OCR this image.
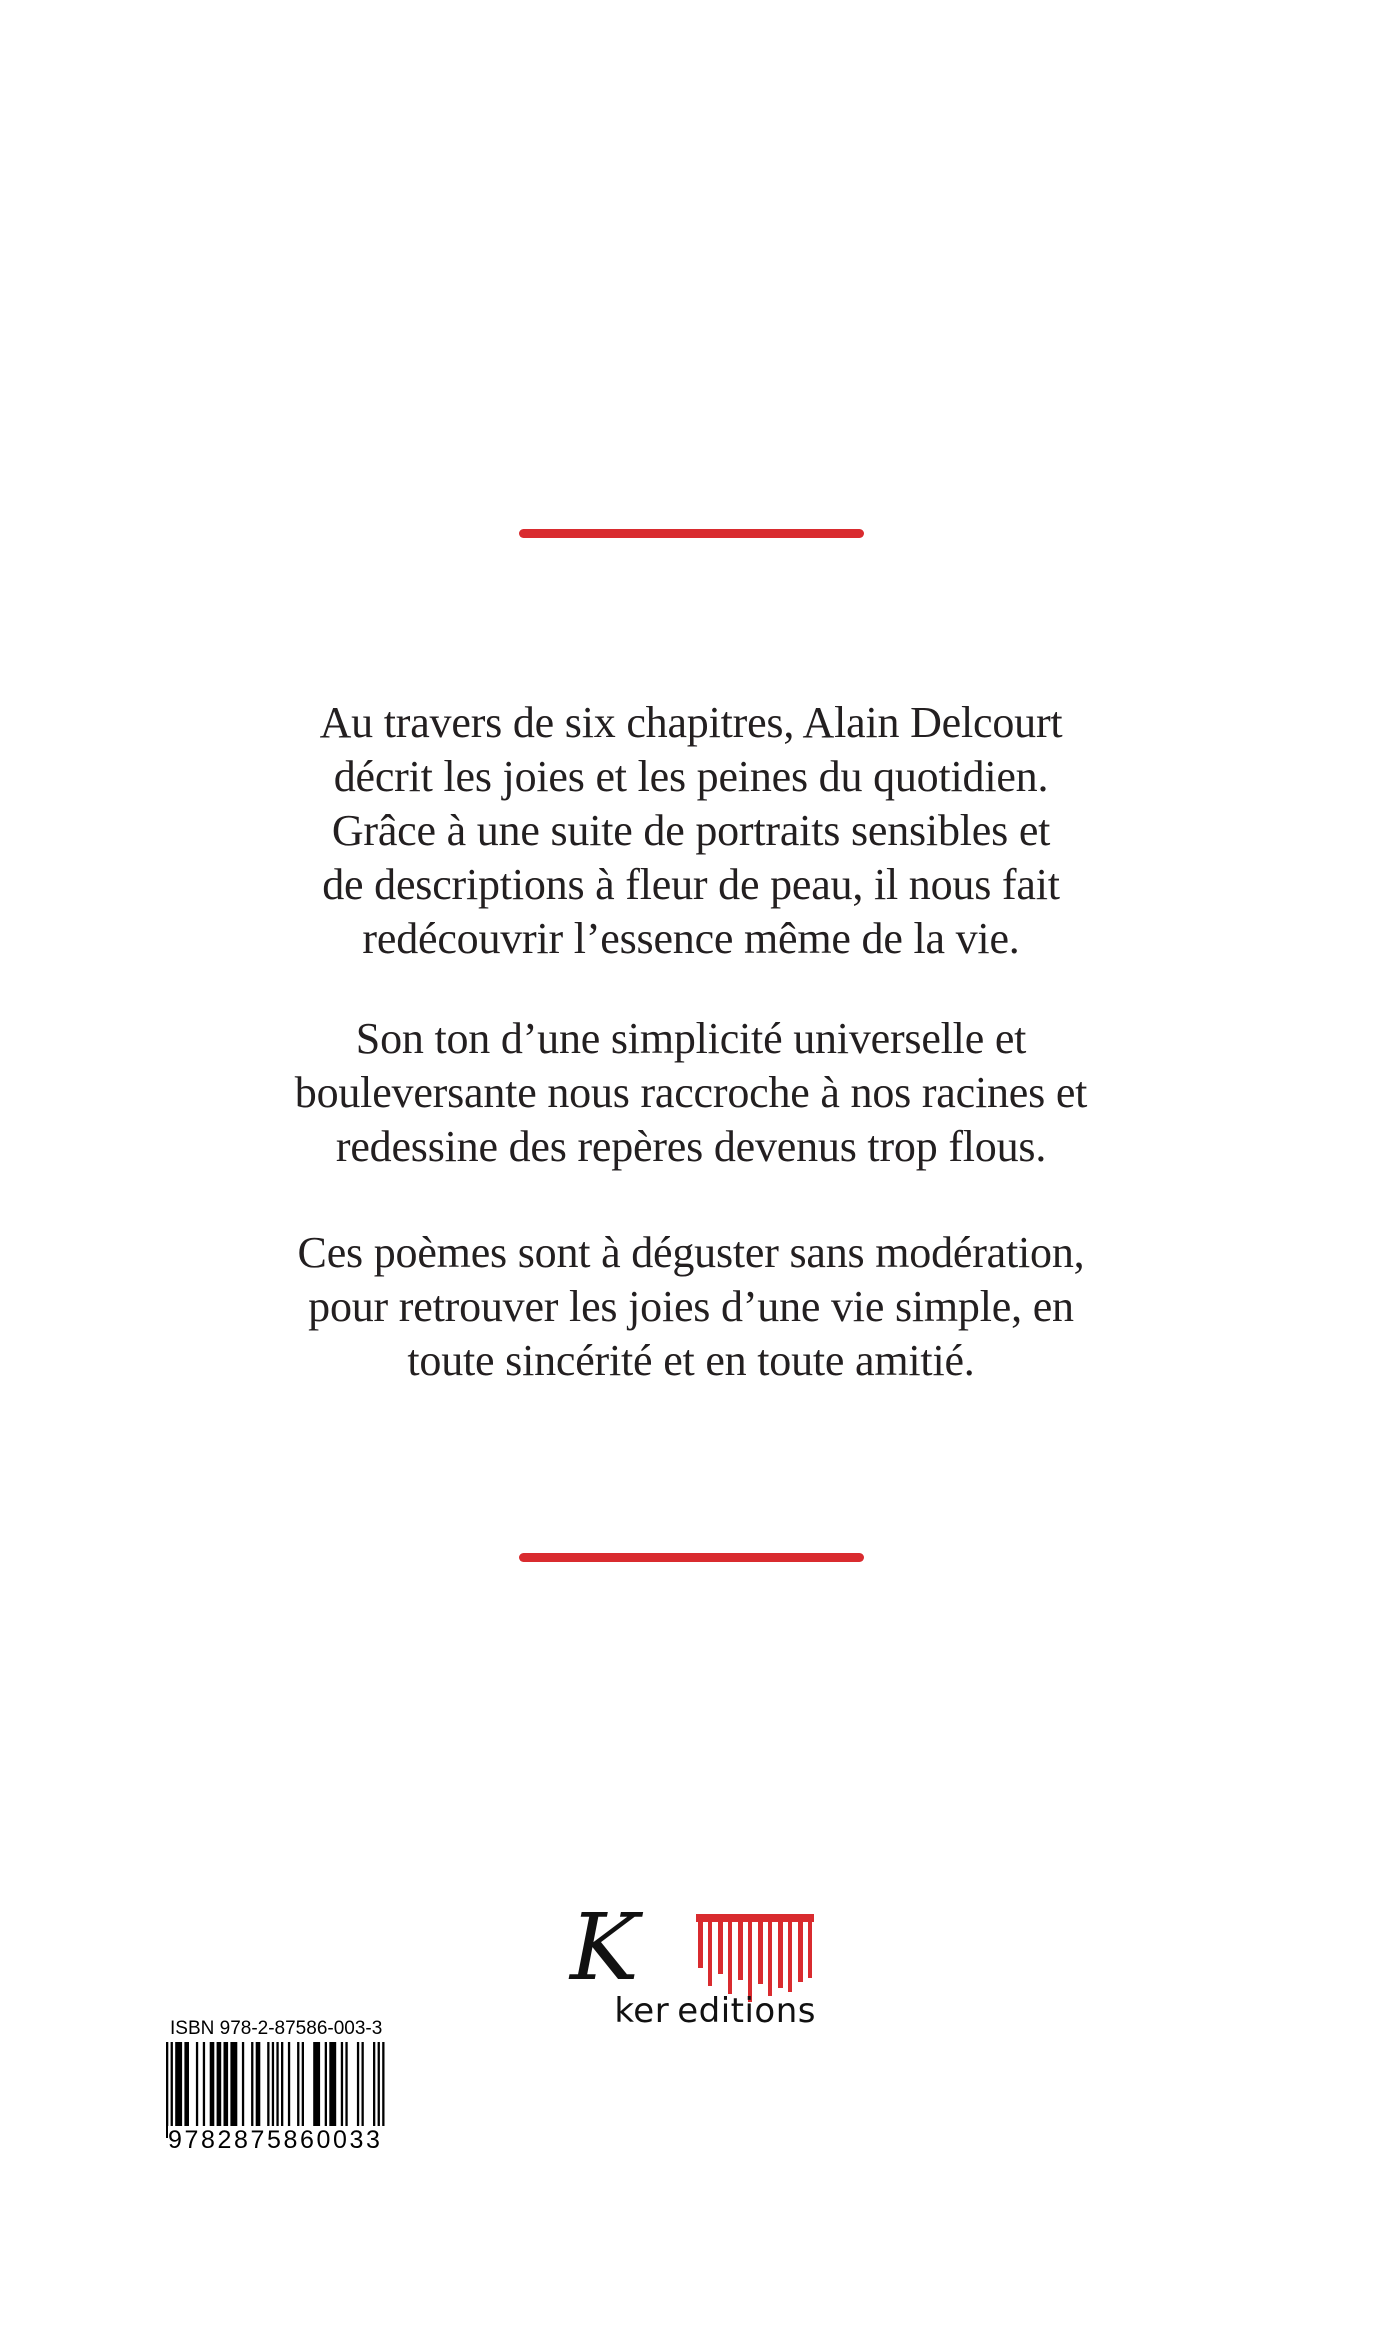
Au travers de six chapitres, Alain Delcourt

décrit les joies et les peines du quotidien.

Grâce à une suite de portraits sensibles et

de descriptions à fleur de peau, il nous fait

redécouvrir l’essence même de la vie.

Son ton d’une simplicité universelle et

bouleversante nous raccroche à nos racines et

redessine des repères devenus trop flous.

Ces poèmes sont à déguster sans modération,

pour retrouver les joies d’une vie simple, en

toute sincérité et en toute amitié.

K
ker editions
ISBN 978-2-87586-003-3
9782875860033
